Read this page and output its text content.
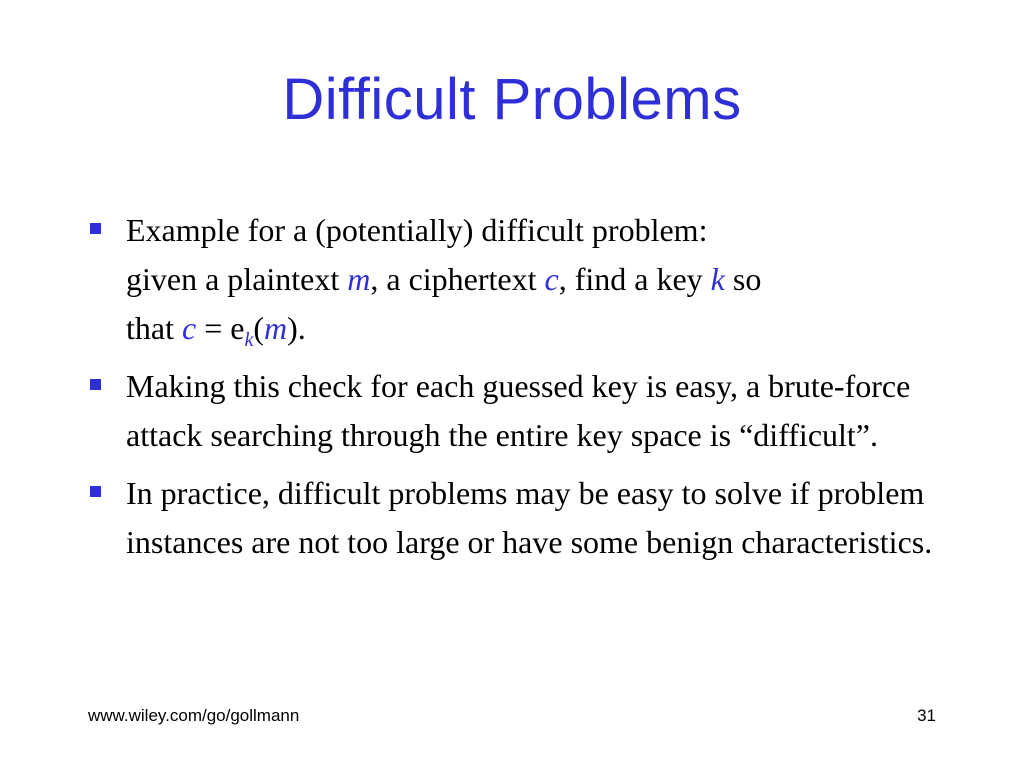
Difficult Problems
Example for a (potentially) difficult problem:
given a plaintext m, a ciphertext c, find a key k so
that $c = e_k(m)$.
Making this check for each guessed key is easy, a brute-force attack searching through the entire key space is “difficult”.
In practice, difficult problems may be easy to solve if problem instances are not too large or have some benign characteristics.
www.wiley.com/go/gollmann	31
